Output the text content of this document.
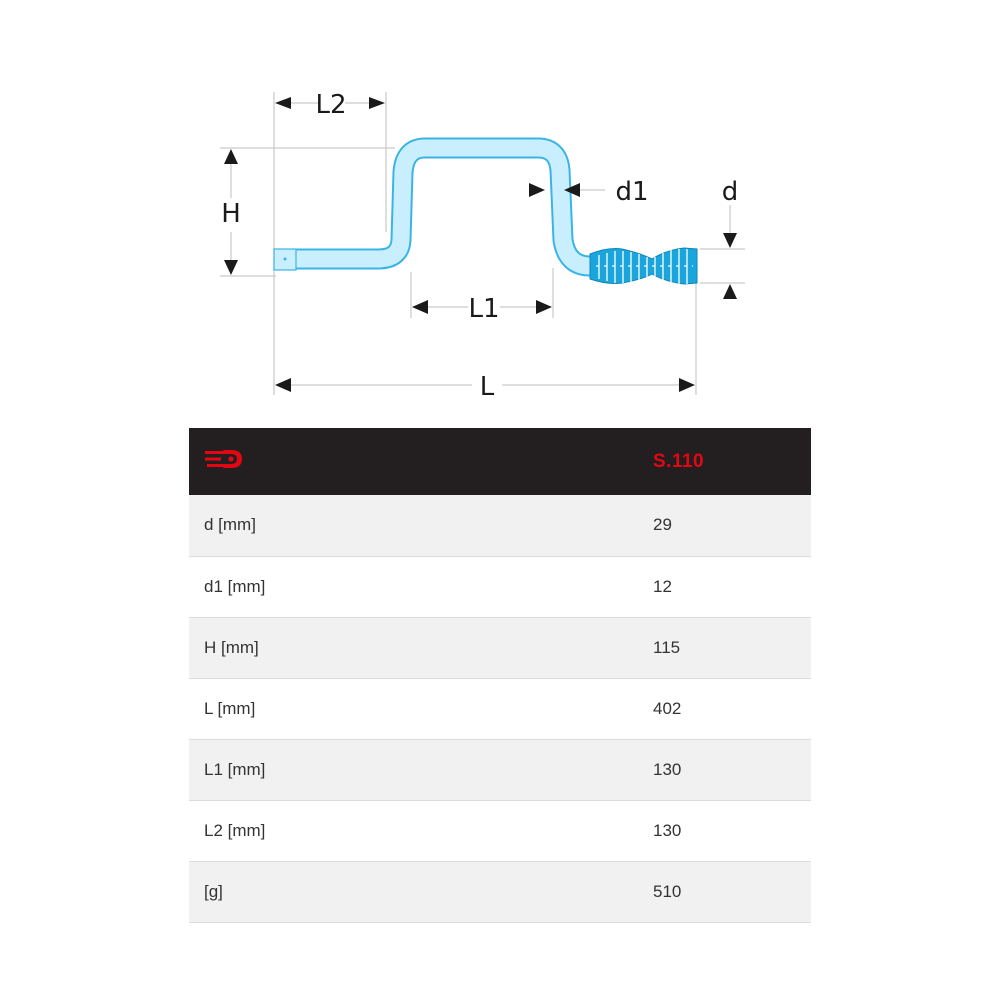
L2
H
d1	d
L1
L
	S.110
d [mm]	29
d1 [mm]	12
H [mm]	115
L [mm]	402
L1 [mm]	130
L2 [mm]	130
[g]	510
